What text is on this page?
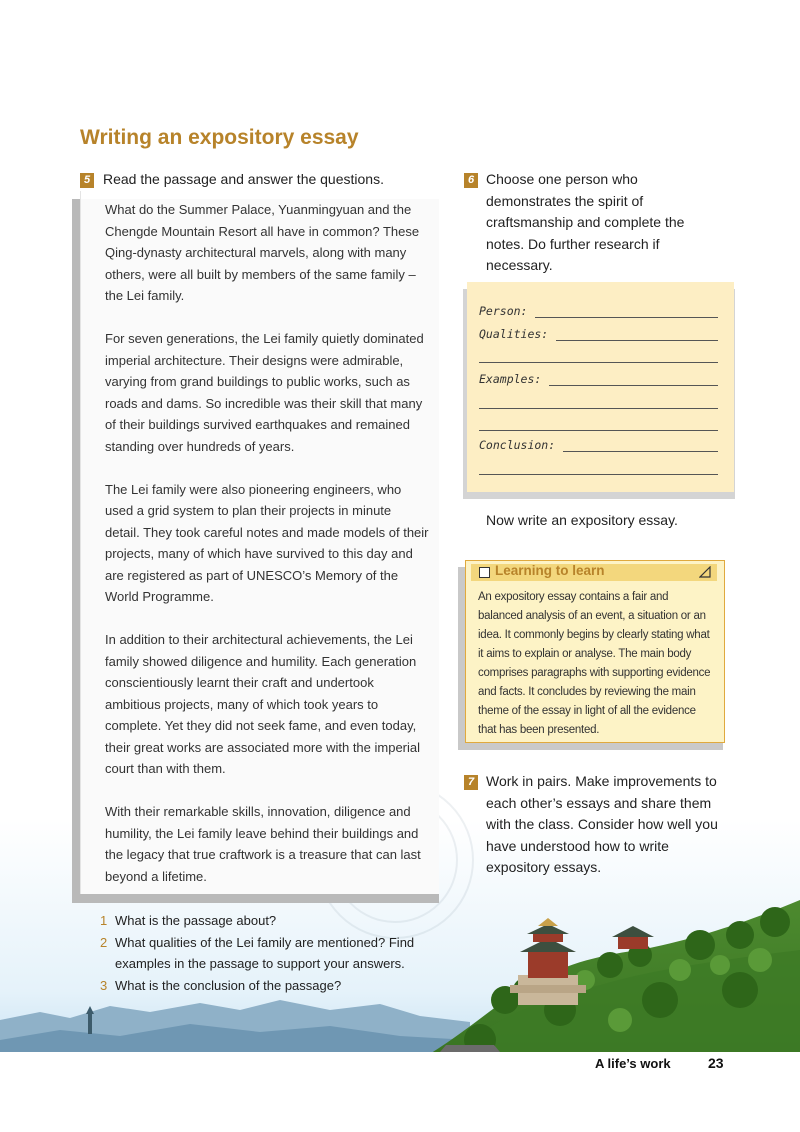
Writing an expository essay
5 Read the passage and answer the questions.

What do the Summer Palace, Yuanmingyuan and the Chengde Mountain Resort all have in common? These Qing-dynasty architectural marvels, along with many others, were all built by members of the same family – the Lei family.

For seven generations, the Lei family quietly dominated imperial architecture. Their designs were admirable, varying from grand buildings to public works, such as roads and dams. So incredible was their skill that many of their buildings survived earthquakes and remained standing over hundreds of years.

The Lei family were also pioneering engineers, who used a grid system to plan their projects in minute detail. They took careful notes and made models of their projects, many of which have survived to this day and are registered as part of UNESCO’s Memory of the World Programme.

In addition to their architectural achievements, the Lei family showed diligence and humility. Each generation conscientiously learnt their craft and undertook ambitious projects, many of which took years to complete. Yet they did not seek fame, and even today, their great works are associated more with the imperial court than with them.

With their remarkable skills, innovation, diligence and humility, the Lei family leave behind their buildings and the legacy that true craftwork is a treasure that can last beyond a lifetime.

1 What is the passage about?
2 What qualities of the Lei family are mentioned? Find examples in the passage to support your answers.
3 What is the conclusion of the passage?
6 Choose one person who demonstrates the spirit of craftsmanship and complete the notes. Do further research if necessary.
Person:
Qualities:
Examples:
Conclusion:
Now write an expository essay.
Learning to learn
An expository essay contains a fair and balanced analysis of an event, a situation or an idea. It commonly begins by clearly stating what it aims to explain or analyse. The main body comprises paragraphs with supporting evidence and facts. It concludes by reviewing the main theme of the essay in light of all the evidence that has been presented.
7 Work in pairs. Make improvements to each other’s essays and share them with the class. Consider how well you have understood how to write expository essays.
A life’s work	23
